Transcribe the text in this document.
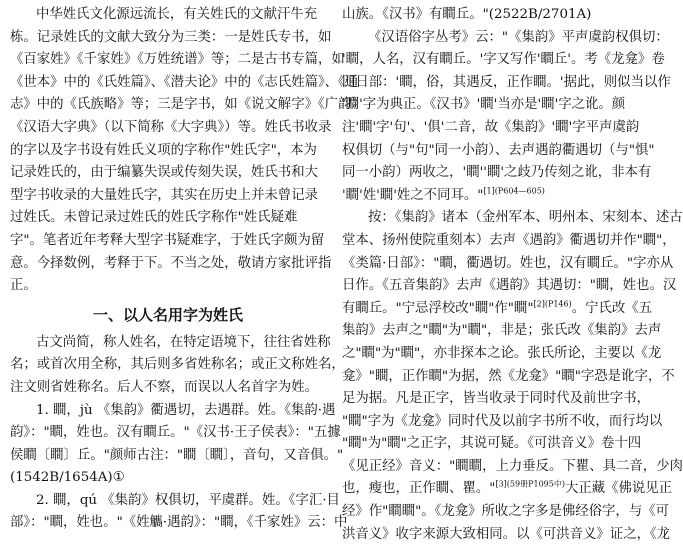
中华姓氏文化源远流长，有关姓氏的文献汗牛充
栋。记录姓氏的文献大致分为三类：一是姓氏专书，如
《百家姓》《千家姓》《万姓统谱》等；二是古书专篇，如
《世本》中的《氏姓篇》、《潜夫论》中的《志氏姓篇》、《通
志》中的《氏族略》等；三是字书，如《说文解字》《广韵》
《汉语大字典》（以下简称《大字典》）等。姓氏书收录
的字以及字书设有姓氏义项的字称作"姓氏字"，本为
记录姓氏的，由于编纂失误或传刻失误，姓氏书和大
型字书收录的大量姓氏字，其实在历史上并未曾记录
过姓氏。未曾记录过姓氏的姓氏字称作"姓氏疑难
字"。笔者近年考释大型字书疑难字，于姓氏字颇为留
意。今择数例，考释于下。不当之处，敬请方家批评指
正。
一、以人名用字为姓氏
古文尚简，称人姓名，在特定语境下，往往省姓称
名；或首次用全称，其后则多省姓称名；或正文称姓名，
注文则省姓称名。后人不察，而误以人名首字为姓。
1. 瞷，jù 《集韵》衢遇切，去遇群。姓。《集韵·遇
韵》："瞷，姓也。汉有瞷丘。"《汉书·王子侯表》："五據
侯瞷〔瞷〕丘。"颜师古注："瞷〔瞷〕，音句，又音俱。"
(1542B/1654A)①
2. 瞷，qú 《集韵》权俱切，平虞群。姓。《字汇·目
部》："瞷，姓也。"《姓觿·遇韵》："瞷，《千家姓》云：中
山族。《汉书》有瞷丘。"(2522B/2701A)
《汉语俗字丛考》云："《集韵》平声虞韵权俱切：
'瞷，人名，汉有瞷丘。'字又写作'瞷丘'。考《龙龛》卷
四日部：'瞷，俗，其遇反，正作瞷。'据此，则似当以作
'瞷'字为典正。《汉书》'瞷'当亦是'瞷'字之讹。颜
注'瞷'字'句'、'俱'二音，故《集韵》'瞷'字平声虞韵
权俱切（与"句"同一小韵）、去声遇韵衢遇切（与"惧"
同一小韵）两收之，'瞷''瞷'之歧乃传刻之讹，非本有
'瞷'姓'瞷'姓之不同耳。"$^{[1](P604—605)}$
按：《集韵》诸本（金州军本、明州本、宋刻本、述古
堂本、扬州使院重刻本）去声《遇韵》衢遇切并作"瞷"，
《类篇·日部》："瞷，衢遇切。姓也，汉有瞷丘。"字亦从
日作。《五音集韵》去声《遇韵》其遇切："瞷，姓也。汉
有瞷丘。"宁忌浮校改"瞷"作"瞷"$^{[2](P146)}$。宁氏改《五
集韵》去声之"瞷"为"瞷"，非是；张氏改《集韵》去声
之"瞷"为"瞷"，亦非探本之论。张氏所论，主要以《龙
龛》"瞷，正作瞷"为据，然《龙龛》"瞷"字恐是讹字，不
足为据。凡是正字，皆当收录于同时代及前世字书，
"瞷"字为《龙龛》同时代及以前字书所不收，而行均以
"瞷"为"瞷"之正字，其说可疑。《可洪音义》卷十四
《见正经》音义："瞷瞷，上力垂反。下瞿、具二音，少肉
也，瘦也，正作瞷、瞿。"$^{[3](59册P1095中)}$大正藏《佛说见正
经》作"瞷瞷"。《龙龛》所收之字多是佛经俗字，与《可
洪音义》收字来源大致相同。以《可洪音义》证之，《龙
